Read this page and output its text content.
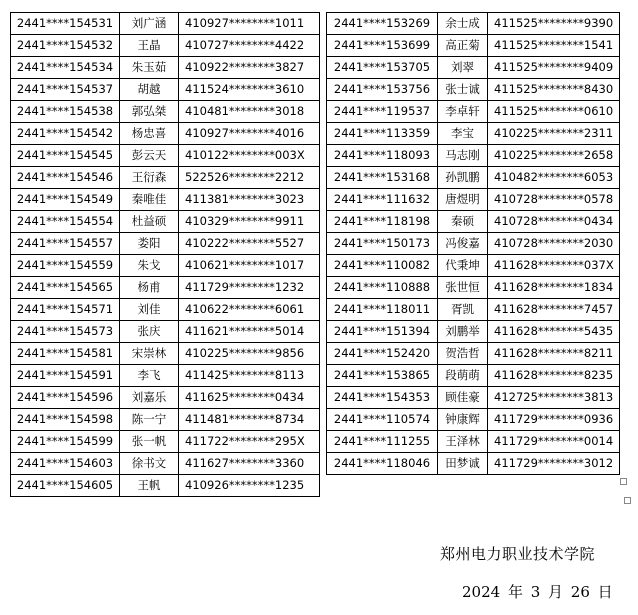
2441****154531	刘广涵	410927********1011
2441****154532	王晶	410727********4422
2441****154534	朱玉茹	410922********3827
2441****154537	胡越	411524********3610
2441****154538	郭弘桀	410481********3018
2441****154542	杨忠喜	410927********4016
2441****154545	彭云天	410122********003X
2441****154546	王衍森	522526********2212
2441****154549	秦唯佳	411381********3023
2441****154554	杜益硕	410329********9911
2441****154557	娄阳	410222********5527
2441****154559	朱戈	410621********1017
2441****154565	杨甫	411729********1232
2441****154571	刘佳	410622********6061
2441****154573	张庆	411621********5014
2441****154581	宋崇林	410225********9856
2441****154591	李飞	411425********8113
2441****154596	刘嘉乐	411625********0434
2441****154598	陈一宁	411481********8734
2441****154599	张一帆	411722********295X
2441****154603	徐书文	411627********3360
2441****154605	王帆	410926********1235
2441****153269	余士成	411525********9390
2441****153699	高正菊	411525********1541
2441****153705	刘翠	411525********9409
2441****153756	张士诚	411525********8430
2441****119537	李卓轩	411525********0610
2441****113359	李宝	410225********2311
2441****118093	马志刚	410225********2658
2441****153168	孙凯鹏	410482********6053
2441****111632	唐煜明	410728********0578
2441****118198	秦硕	410728********0434
2441****150173	冯俊嘉	410728********2030
2441****110082	代秉坤	411628********037X
2441****110888	张世恒	411628********1834
2441****118011	胥凯	411628********7457
2441****151394	刘鹏举	411628********5435
2441****152420	贺浩哲	411628********8211
2441****153865	段萌萌	411628********8235
2441****154353	顾佳豪	412725********3813
2441****110574	钟康辉	411729********0936
2441****111255	王泽林	411729********0014
2441****118046	田梦诚	411729********3012
郑州电力职业技术学院
2024 年 3 月 26 日
